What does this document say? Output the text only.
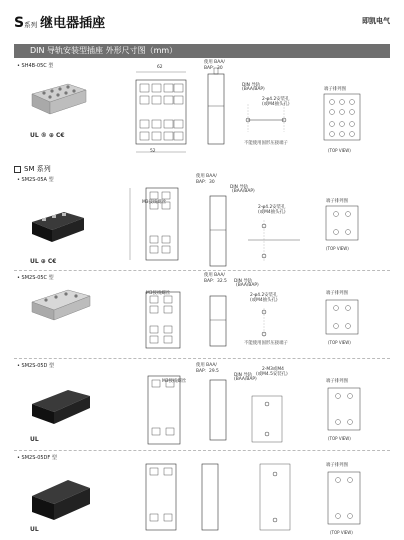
S系列 继电器插座	即凯电气
DIN 导轨安装型插座 外形尺寸图（mm）
• SH4B-05C 型
UL ® ⊕ C€
62
52
使用 BAA/
BAP：30
DIN 导轨
(BAA/BAP)
2-φ4.2安装孔
(或M4抽头孔)
不能使用固形压接端子
端子排列图
(TOP VIEW)
SM 系列
• SM2S-05A 型
UL ⊕ C€
M3接线螺丝
使用 BAA/
BAP：30
DIN 导轨
(BAA/BAP)
2-φ4.2安装孔
(或M4抽头孔)
端子排列图
(TOP VIEW)
• SM2S-05C 型
M3接线螺丝
使用 BAA/
BAP：32.5 DIN 导轨
(BAA/BAP)
2-φ4.2安装孔
(或M4抽头孔)
不能使用固形压接端子
端子排列图
(TOP VIEW)
• SM2S-05D 型
UL
M3接线螺丝
使用 BAA/
BAP：29.5
DIN 导轨
(BAA/BAP)
2-M3或M4
(或M4.5安装孔)
端子排列图
(TOP VIEW)
• SM2S-05DF 型
UL
端子排列图
(TOP VIEW)
